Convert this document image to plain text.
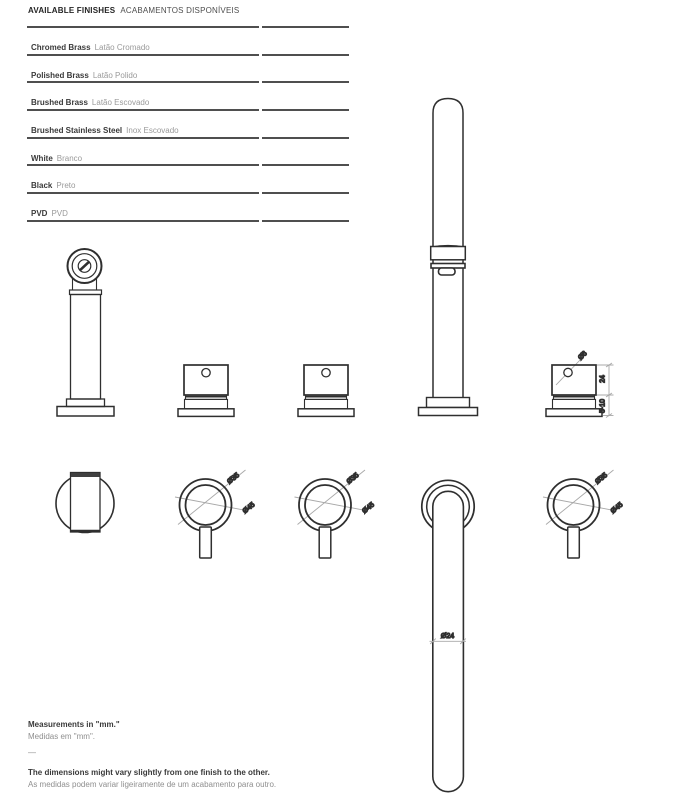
AVAILABLE FINISHES ACABAMENTOS DISPONÍVEIS
Chromed Brass Latão Cromado
Polished Brass Latão Polido
Brushed Brass Latão Escovado
Brushed Stainless Steel Inox Escovado
White Branco
Black Preto
PVD PVD
Ø6
24
5-10
Ø35
Ø45
Ø35
Ø45
Ø24
Ø35
Ø45

Measurements in "mm."

Medidas em "mm".

—

The dimensions might vary slightly from one finish to the other.

As medidas podem variar ligeiramente de um acabamento para outro.
